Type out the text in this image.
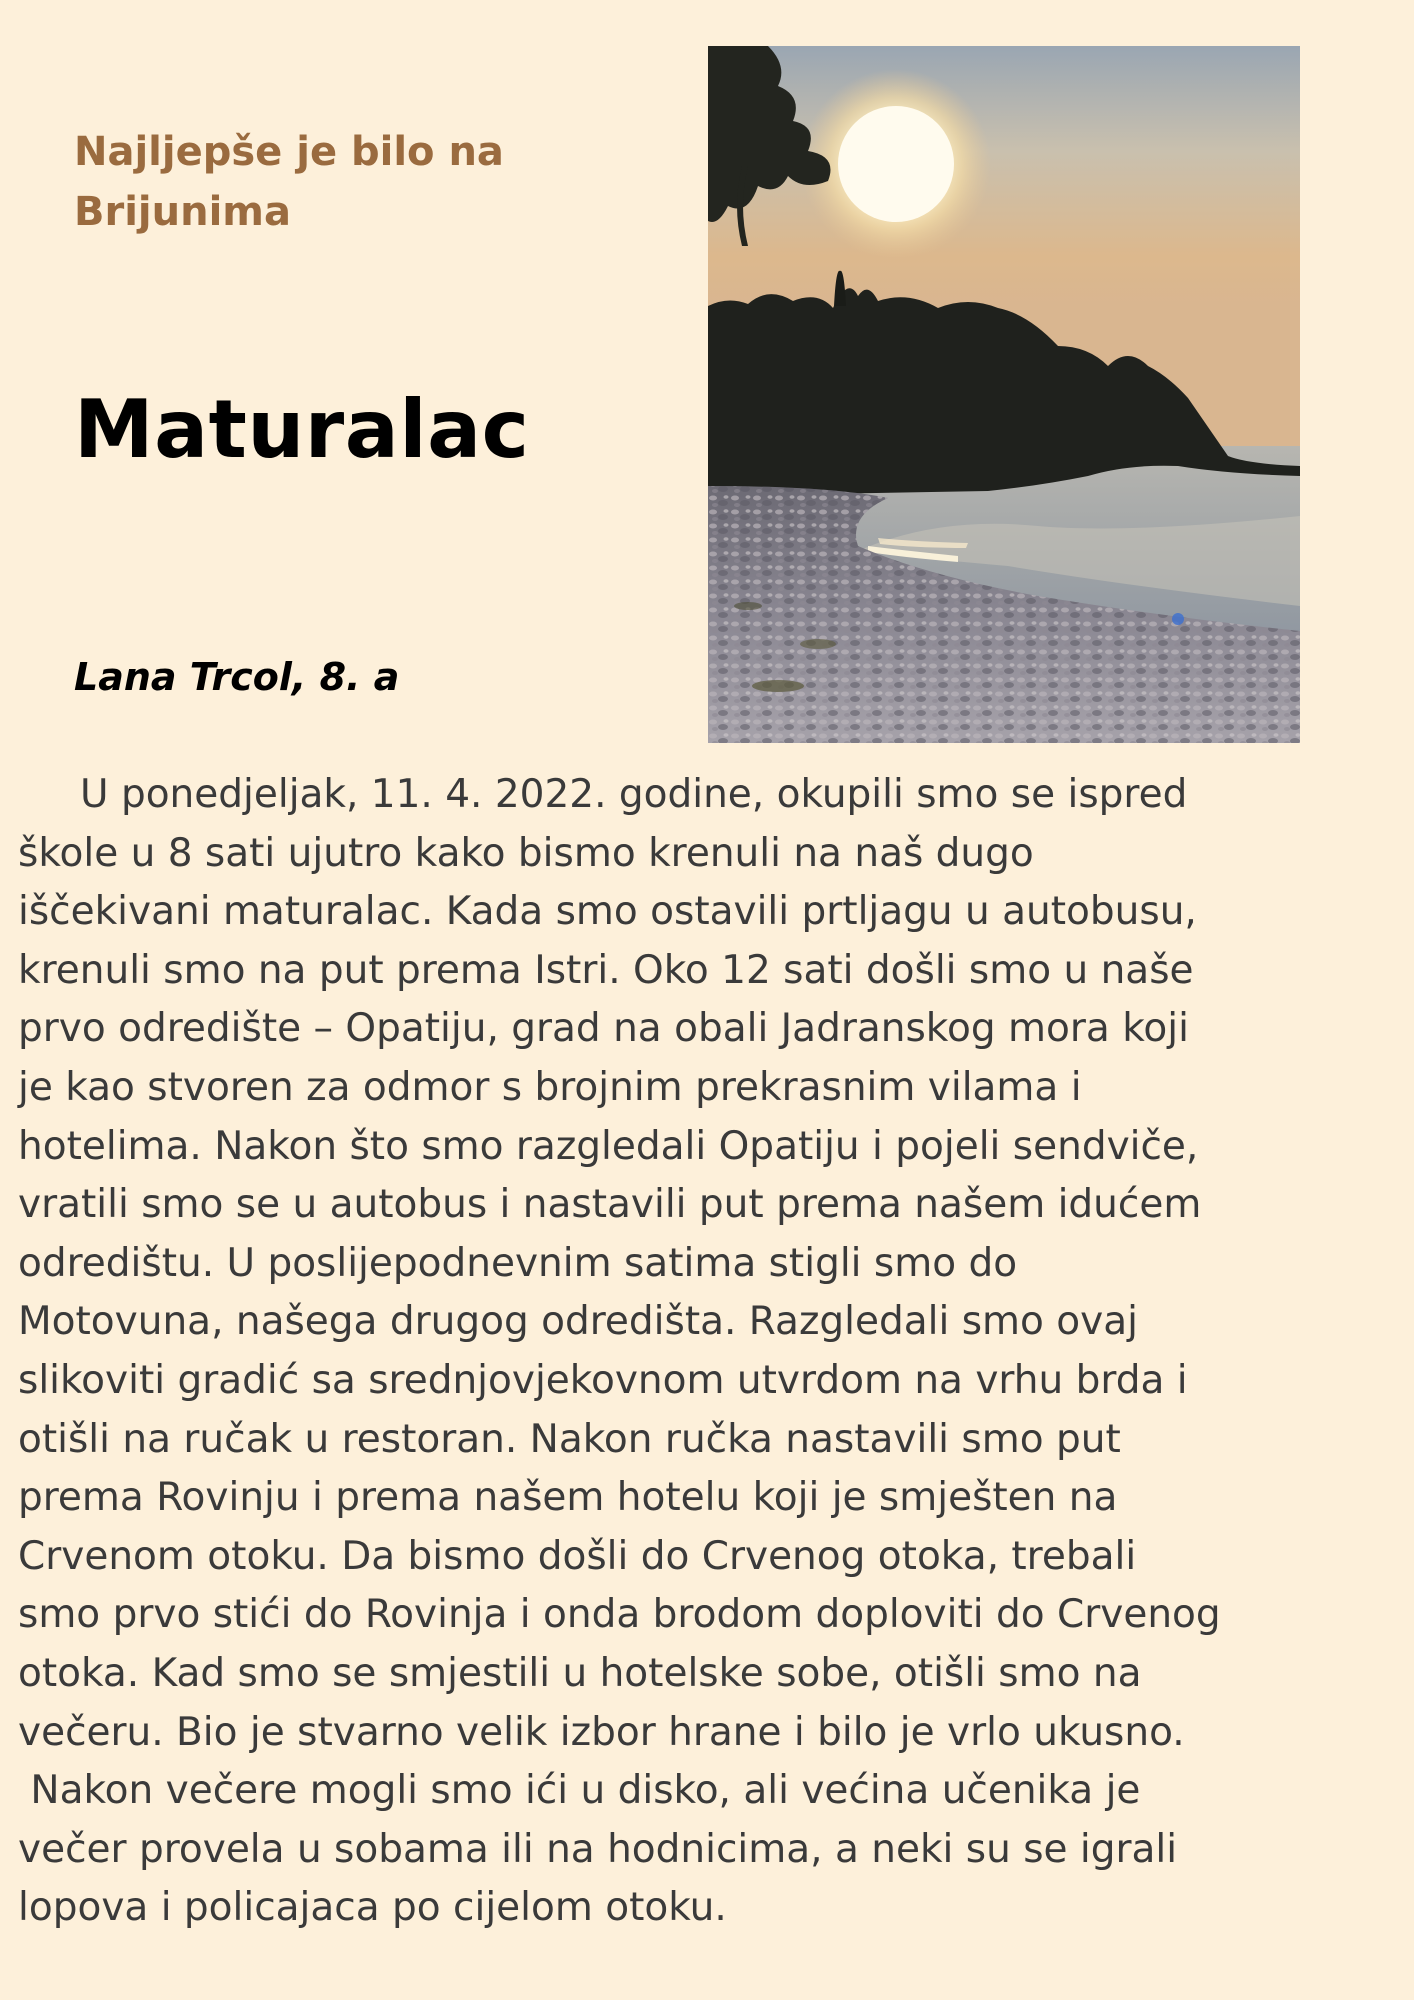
Najljepše je bilo na Brijunima
Maturalac

Lana Trcol, 8. a

U ponedjeljak, 11. 4. 2022. godine, okupili smo se ispred
škole u 8 sati ujutro kako bismo krenuli na naš dugo
iščekivani maturalac. Kada smo ostavili prtljagu u autobusu,
krenuli smo na put prema Istri. Oko 12 sati došli smo u naše
prvo odredište – Opatiju, grad na obali Jadranskog mora koji
je kao stvoren za odmor s brojnim prekrasnim vilama i
hotelima. Nakon što smo razgledali Opatiju i pojeli sendviče,
vratili smo se u autobus i nastavili put prema našem idućem
odredištu. U poslijepodnevnim satima stigli smo do
Motovuna, našega drugog odredišta. Razgledali smo ovaj
slikoviti gradić sa srednjovjekovnom utvrdom na vrhu brda i
otišli na ručak u restoran. Nakon ručka nastavili smo put
prema Rovinju i prema našem hotelu koji je smješten na
Crvenom otoku. Da bismo došli do Crvenog otoka, trebali
smo prvo stići do Rovinja i onda brodom doploviti do Crvenog
otoka. Kad smo se smjestili u hotelske sobe, otišli smo na
večeru. Bio je stvarno velik izbor hrane i bilo je vrlo ukusno.
Nakon večere mogli smo ići u disko, ali većina učenika je
večer provela u sobama ili na hodnicima, a neki su se igrali
lopova i policajaca po cijelom otoku.
